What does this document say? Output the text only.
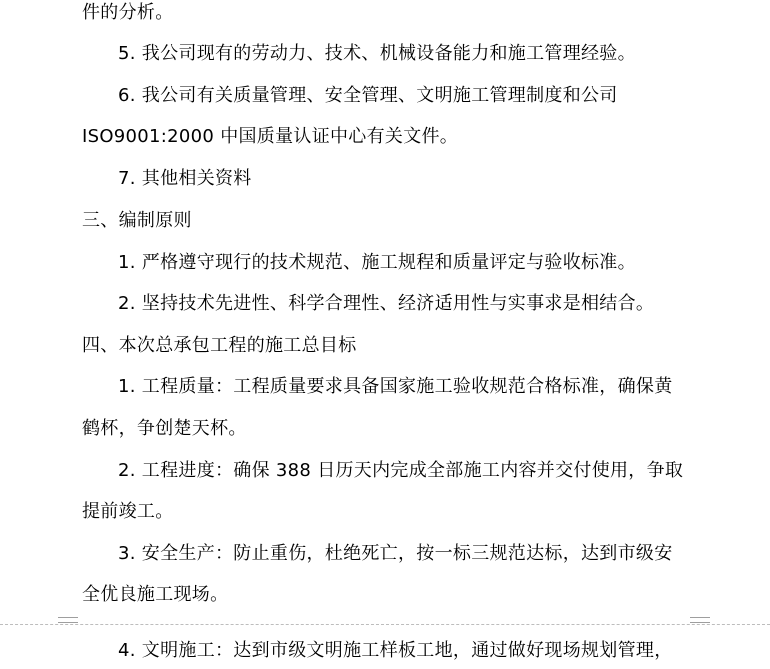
件的分析。
5. 我公司现有的劳动力、技术、机械设备能力和施工管理经验。
6. 我公司有关质量管理、安全管理、文明施工管理制度和公司
ISO9001:2000 中国质量认证中心有关文件。
7. 其他相关资料
三、编制原则
1. 严格遵守现行的技术规范、施工规程和质量评定与验收标准。
2. 坚持技术先进性、科学合理性、经济适用性与实事求是相结合。
四、本次总承包工程的施工总目标
1. 工程质量：工程质量要求具备国家施工验收规范合格标准，确保黄
鹤杯，争创楚天杯。
2. 工程进度：确保 388 日历天内完成全部施工内容并交付使用，争取
提前竣工。
3. 安全生产：防止重伤，杜绝死亡，按一标三规范达标，达到市级安
全优良施工现场。
4. 文明施工：达到市级文明施工样板工地，通过做好现场规划管理，
